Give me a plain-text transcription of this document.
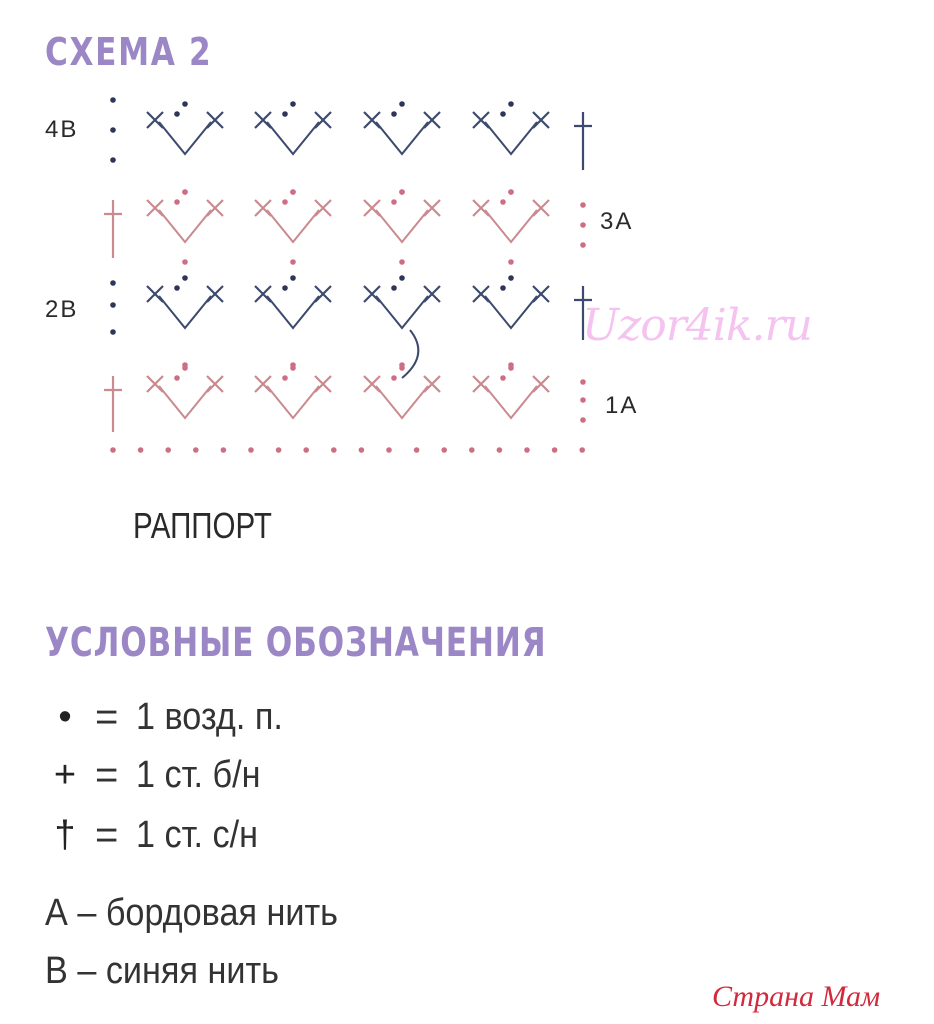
СХЕМА 2
4В
3А
2В
1А
Uzor4ik.ru
РАППОРТ
УСЛОВНЫЕ ОБОЗНАЧЕНИЯ
• = 1 возд. п.
+ = 1 ст. б/н
† = 1 ст. с/н
А – бордовая нить
В – синяя нить
Страна Мам
